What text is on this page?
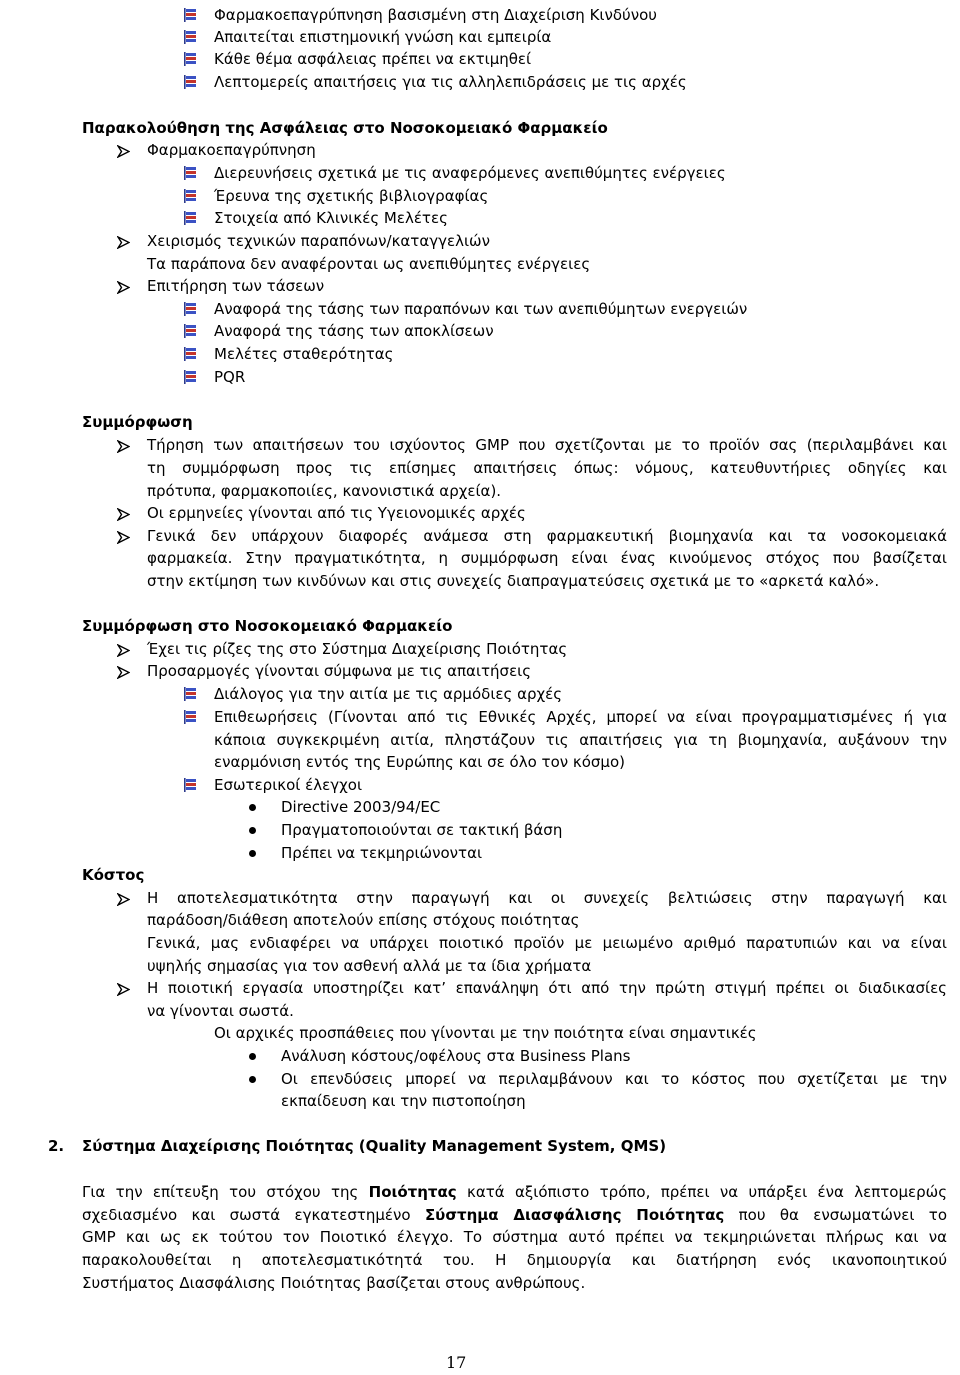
Φαρμακοεπαγρύπνηση βασισμένη στη Διαχείριση Κινδύνου
Απαιτείται επιστημονική γνώση και εμπειρία
Κάθε θέμα ασφάλειας πρέπει να εκτιμηθεί
Λεπτομερείς απαιτήσεις για τις αλληλεπιδράσεις με τις αρχές
Παρακολούθηση της Ασφάλειας στο Νοσοκομειακό Φαρμακείο
Φαρμακοεπαγρύπνηση
Διερευνήσεις σχετικά με τις αναφερόμενες ανεπιθύμητες ενέργειες
Έρευνα της σχετικής βιβλιογραφίας
Στοιχεία από Κλινικές Μελέτες
Χειρισμός τεχνικών παραπόνων/καταγγελιών
Τα παράπονα δεν αναφέρονται ως ανεπιθύμητες ενέργειες
Επιτήρηση των τάσεων
Αναφορά της τάσης των παραπόνων και των ανεπιθύμητων ενεργειών
Αναφορά της τάσης των αποκλίσεων
Μελέτες σταθερότητας
PQR
Συμμόρφωση
Τήρηση των απαιτήσεων του ισχύοντος GMP που σχετίζονται με το προϊόν σας (περιλαμβάνει και
τη συμμόρφωση προς τις επίσημες απαιτήσεις όπως: νόμους, κατευθυντήριες οδηγίες και
πρότυπα, φαρμακοποιίες, κανονιστικά αρχεία).
Οι ερμηνείες γίνονται από τις Υγειονομικές αρχές
Γενικά δεν υπάρχουν διαφορές ανάμεσα στη φαρμακευτική βιομηχανία και τα νοσοκομειακά
φαρμακεία. Στην πραγματικότητα, η συμμόρφωση είναι ένας κινούμενος στόχος που βασίζεται
στην εκτίμηση των κινδύνων και στις συνεχείς διαπραγματεύσεις σχετικά με το «αρκετά καλό».
Συμμόρφωση στο Νοσοκομειακό Φαρμακείο
Έχει τις ρίζες της στο Σύστημα Διαχείρισης Ποιότητας
Προσαρμογές γίνονται σύμφωνα με τις απαιτήσεις
Διάλογος για την αιτία με τις αρμόδιες αρχές
Επιθεωρήσεις (Γίνονται από τις Εθνικές Αρχές, μπορεί να είναι προγραμματισμένες ή για
κάποια συγκεκριμένη αιτία, πληστάζουν τις απαιτήσεις για τη βιομηχανία, αυξάνουν την
εναρμόνιση εντός της Ευρώπης και σε όλο τον κόσμο)
Εσωτερικοί έλεγχοι
Directive 2003/94/EC
Πραγματοποιούνται σε τακτική βάση
Πρέπει να τεκμηριώνονται
Κόστος
Η αποτελεσματικότητα στην παραγωγή και οι συνεχείς βελτιώσεις στην παραγωγή και
παράδοση/διάθεση αποτελούν επίσης στόχους ποιότητας
Γενικά, μας ενδιαφέρει να υπάρχει ποιοτικό προϊόν με μειωμένο αριθμό παρατυπιών και να είναι
υψηλής σημασίας για τον ασθενή αλλά με τα ίδια χρήματα
Η ποιοτική εργασία υποστηρίζει κατ’ επανάληψη ότι από την πρώτη στιγμή πρέπει οι διαδικασίες
να γίνονται σωστά.
Οι αρχικές προσπάθειες που γίνονται με την ποιότητα είναι σημαντικές
Ανάλυση κόστους/οφέλους στα Business Plans
Οι επενδύσεις μπορεί να περιλαμβάνουν και το κόστος που σχετίζεται με την
εκπαίδευση και την πιστοποίηση
2. Σύστημα Διαχείρισης Ποιότητας (Quality Management System, QMS)
Για την επίτευξη του στόχου της Ποιότητας κατά αξιόπιστο τρόπο, πρέπει να υπάρξει ένα λεπτομερώς
σχεδιασμένο και σωστά εγκατεστημένο Σύστημα Διασφάλισης Ποιότητας που θα ενσωματώνει το
GMP και ως εκ τούτου τον Ποιοτικό έλεγχο. Το σύστημα αυτό πρέπει να τεκμηριώνεται πλήρως και να
παρακολουθείται η αποτελεσματικότητά του. Η δημιουργία και διατήρηση ενός ικανοποιητικού
Συστήματος Διασφάλισης Ποιότητας βασίζεται στους ανθρώπους.
17
